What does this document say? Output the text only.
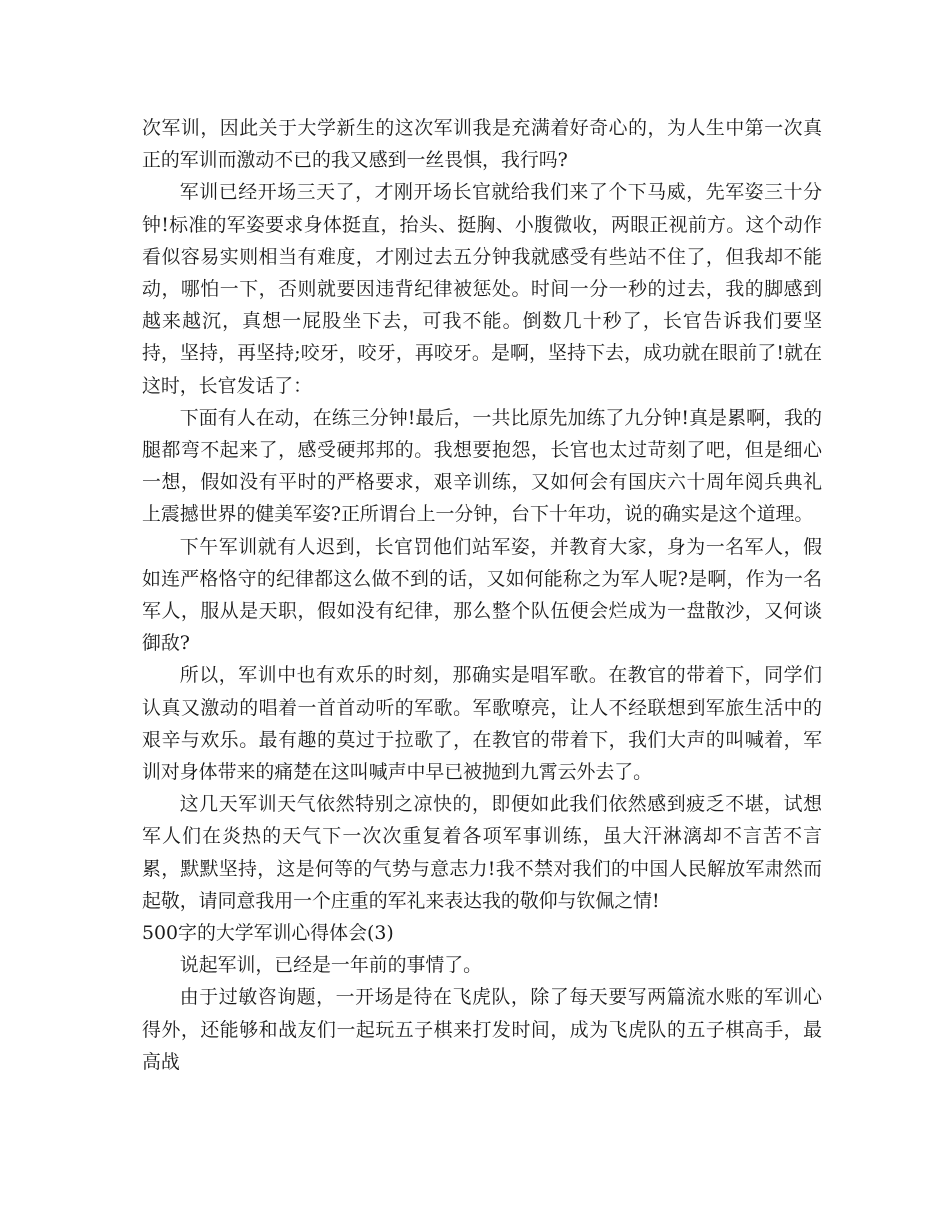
次军训，因此关于大学新生的这次军训我是充满着好奇心的，为人生中第一次真正的军训而激动不已的我又感到一丝畏惧，我行吗?

军训已经开场三天了，才刚开场长官就给我们来了个下马威，先军姿三十分钟!标准的军姿要求身体挺直，抬头、挺胸、小腹微收，两眼正视前方。这个动作看似容易实则相当有难度，才刚过去五分钟我就感受有些站不住了，但我却不能动，哪怕一下，否则就要因违背纪律被惩处。时间一分一秒的过去，我的脚感到越来越沉，真想一屁股坐下去，可我不能。倒数几十秒了，长官告诉我们要坚持，坚持，再坚持;咬牙，咬牙，再咬牙。是啊，坚持下去，成功就在眼前了!就在这时，长官发话了：

下面有人在动，在练三分钟!最后，一共比原先加练了九分钟!真是累啊，我的腿都弯不起来了，感受硬邦邦的。我想要抱怨，长官也太过苛刻了吧，但是细心一想，假如没有平时的严格要求，艰辛训练，又如何会有国庆六十周年阅兵典礼上震撼世界的健美军姿?正所谓台上一分钟，台下十年功，说的确实是这个道理。

下午军训就有人迟到，长官罚他们站军姿，并教育大家，身为一名军人，假如连严格恪守的纪律都这么做不到的话，又如何能称之为军人呢?是啊，作为一名军人，服从是天职，假如没有纪律，那么整个队伍便会烂成为一盘散沙，又何谈御敌?

所以，军训中也有欢乐的时刻，那确实是唱军歌。在教官的带着下，同学们认真又激动的唱着一首首动听的军歌。军歌嘹亮，让人不经联想到军旅生活中的艰辛与欢乐。最有趣的莫过于拉歌了，在教官的带着下，我们大声的叫喊着，军训对身体带来的痛楚在这叫喊声中早已被抛到九霄云外去了。

这几天军训天气依然特别之凉快的，即便如此我们依然感到疲乏不堪，试想军人们在炎热的天气下一次次重复着各项军事训练，虽大汗淋漓却不言苦不言累，默默坚持，这是何等的气势与意志力!我不禁对我们的中国人民解放军肃然而起敬，请同意我用一个庄重的军礼来表达我的敬仰与钦佩之情!

500字的大学军训心得体会(3)

说起军训，已经是一年前的事情了。

由于过敏咨询题，一开场是待在飞虎队，除了每天要写两篇流水账的军训心得外，还能够和战友们一起玩五子棋来打发时间，成为飞虎队的五子棋高手，最高战
